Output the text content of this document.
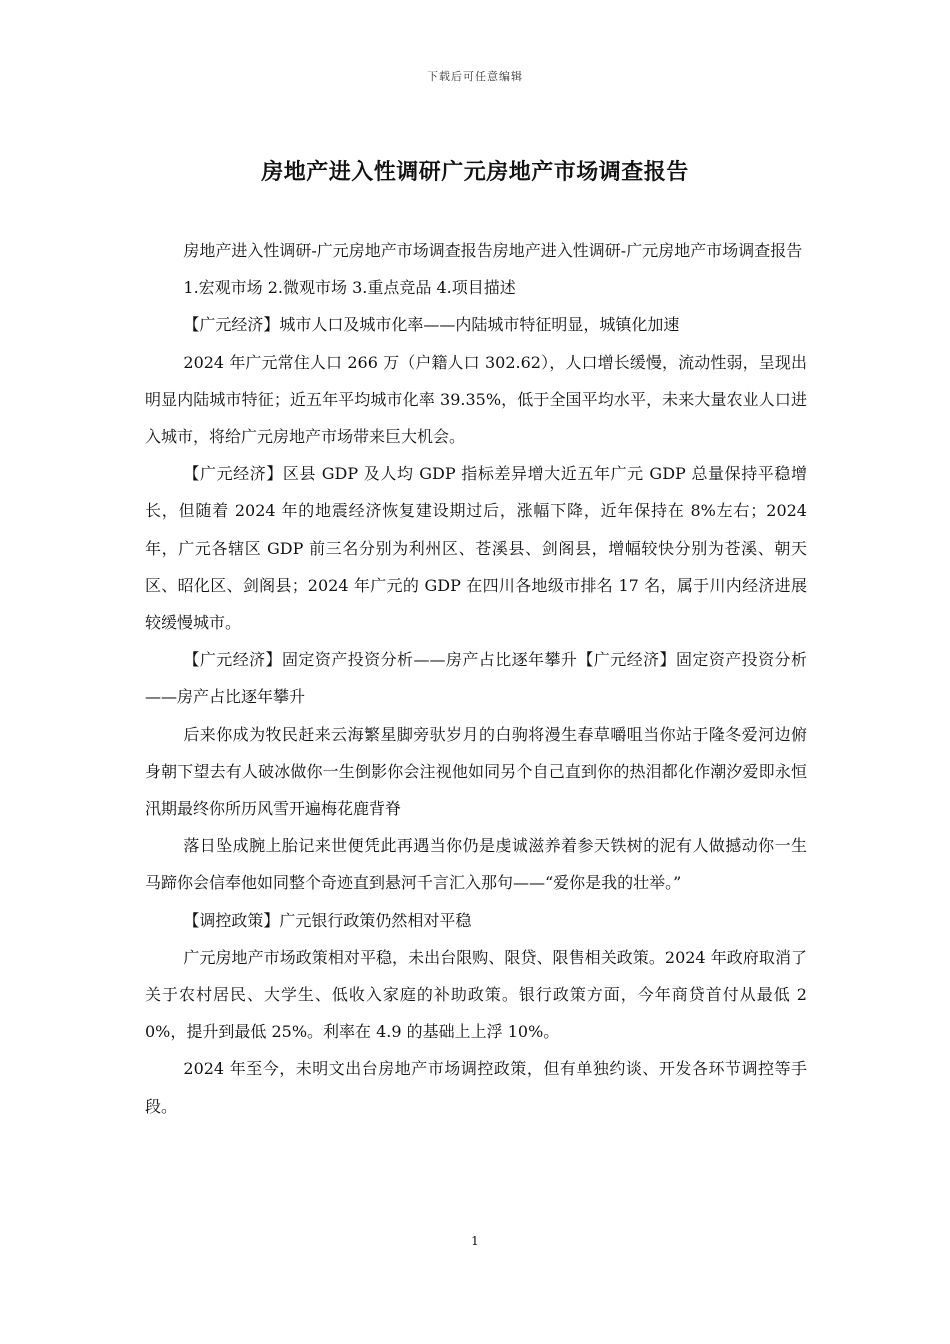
下载后可任意编辑
房地产进入性调研广元房地产市场调查报告

房地产进入性调研-广元房地产市场调查报告房地产进入性调研-广元房地产市场调查报告

1.宏观市场 2.微观市场 3.重点竞品 4.项目描述

【广元经济】城市人口及城市化率——内陆城市特征明显，城镇化加速

2024 年广元常住人口 266 万（户籍人口 302.62），人口增长缓慢，流动性弱，呈现出明显内陆城市特征；近五年平均城市化率 39.35%，低于全国平均水平，未来大量农业人口进入城市，将给广元房地产市场带来巨大机会。

【广元经济】区县 GDP 及人均 GDP 指标差异增大近五年广元 GDP 总量保持平稳增长，但随着 2024 年的地震经济恢复建设期过后，涨幅下降，近年保持在 8%左右；2024 年，广元各辖区 GDP 前三名分别为利州区、苍溪县、剑阁县，增幅较快分别为苍溪、朝天区、昭化区、剑阁县；2024 年广元的 GDP 在四川各地级市排名 17 名，属于川内经济进展较缓慢城市。

【广元经济】固定资产投资分析——房产占比逐年攀升【广元经济】固定资产投资分析——房产占比逐年攀升

后来你成为牧民赶来云海繁星脚旁驮岁月的白驹将漫生春草嚼咀当你站于隆冬爱河边俯身朝下望去有人破冰做你一生倒影你会注视他如同另个自己直到你的热泪都化作潮汐爱即永恒汛期最终你所历风雪开遍梅花鹿背脊

落日坠成腕上胎记来世便凭此再遇当你仍是虔诚滋养着参天铁树的泥有人做撼动你一生马蹄你会信奉他如同整个奇迹直到悬河千言汇入那句——“爱你是我的壮举。”

【调控政策】广元银行政策仍然相对平稳

广元房地产市场政策相对平稳，未出台限购、限贷、限售相关政策。2024 年政府取消了关于农村居民、大学生、低收入家庭的补助政策。银行政策方面，今年商贷首付从最低 20%，提升到最低 25%。利率在 4.9 的基础上上浮 10%。

2024 年至今，未明文出台房地产市场调控政策，但有单独约谈、开发各环节调控等手段。

1
